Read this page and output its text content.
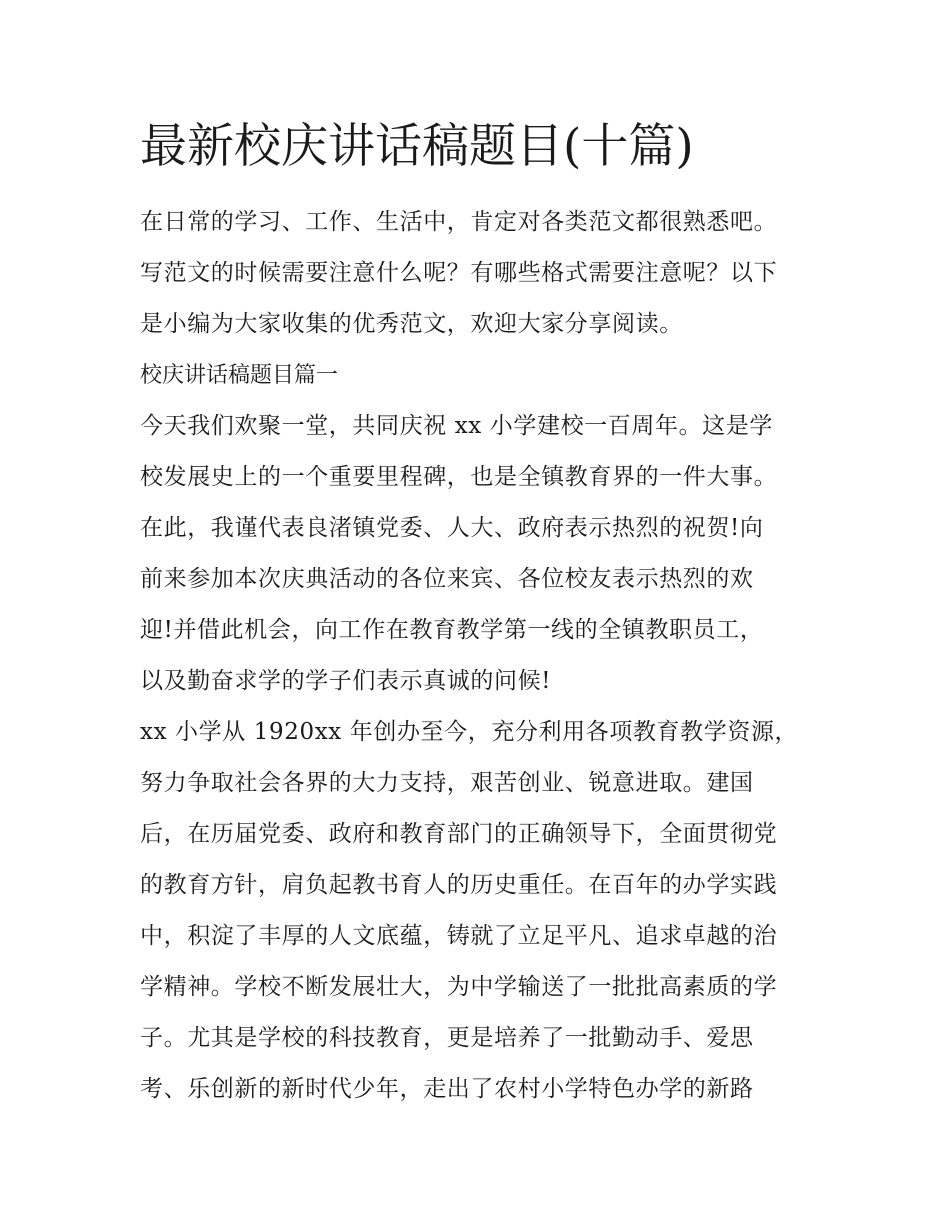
最新校庆讲话稿题目(十篇)
在日常的学习、工作、生活中，肯定对各类范文都很熟悉吧。
写范文的时候需要注意什么呢？有哪些格式需要注意呢？以下
是小编为大家收集的优秀范文，欢迎大家分享阅读。
校庆讲话稿题目篇一
今天我们欢聚一堂，共同庆祝 xx 小学建校一百周年。这是学
校发展史上的一个重要里程碑，也是全镇教育界的一件大事。
在此，我谨代表良渚镇党委、人大、政府表示热烈的祝贺!向
前来参加本次庆典活动的各位来宾、各位校友表示热烈的欢
迎!并借此机会，向工作在教育教学第一线的全镇教职员工，
以及勤奋求学的学子们表示真诚的问候!
xx 小学从 1920xx 年创办至今，充分利用各项教育教学资源，
努力争取社会各界的大力支持，艰苦创业、锐意进取。建国
后，在历届党委、政府和教育部门的正确领导下，全面贯彻党
的教育方针，肩负起教书育人的历史重任。在百年的办学实践
中，积淀了丰厚的人文底蕴，铸就了立足平凡、追求卓越的治
学精神。学校不断发展壮大，为中学输送了一批批高素质的学
子。尤其是学校的科技教育，更是培养了一批勤动手、爱思
考、乐创新的新时代少年，走出了农村小学特色办学的新路
